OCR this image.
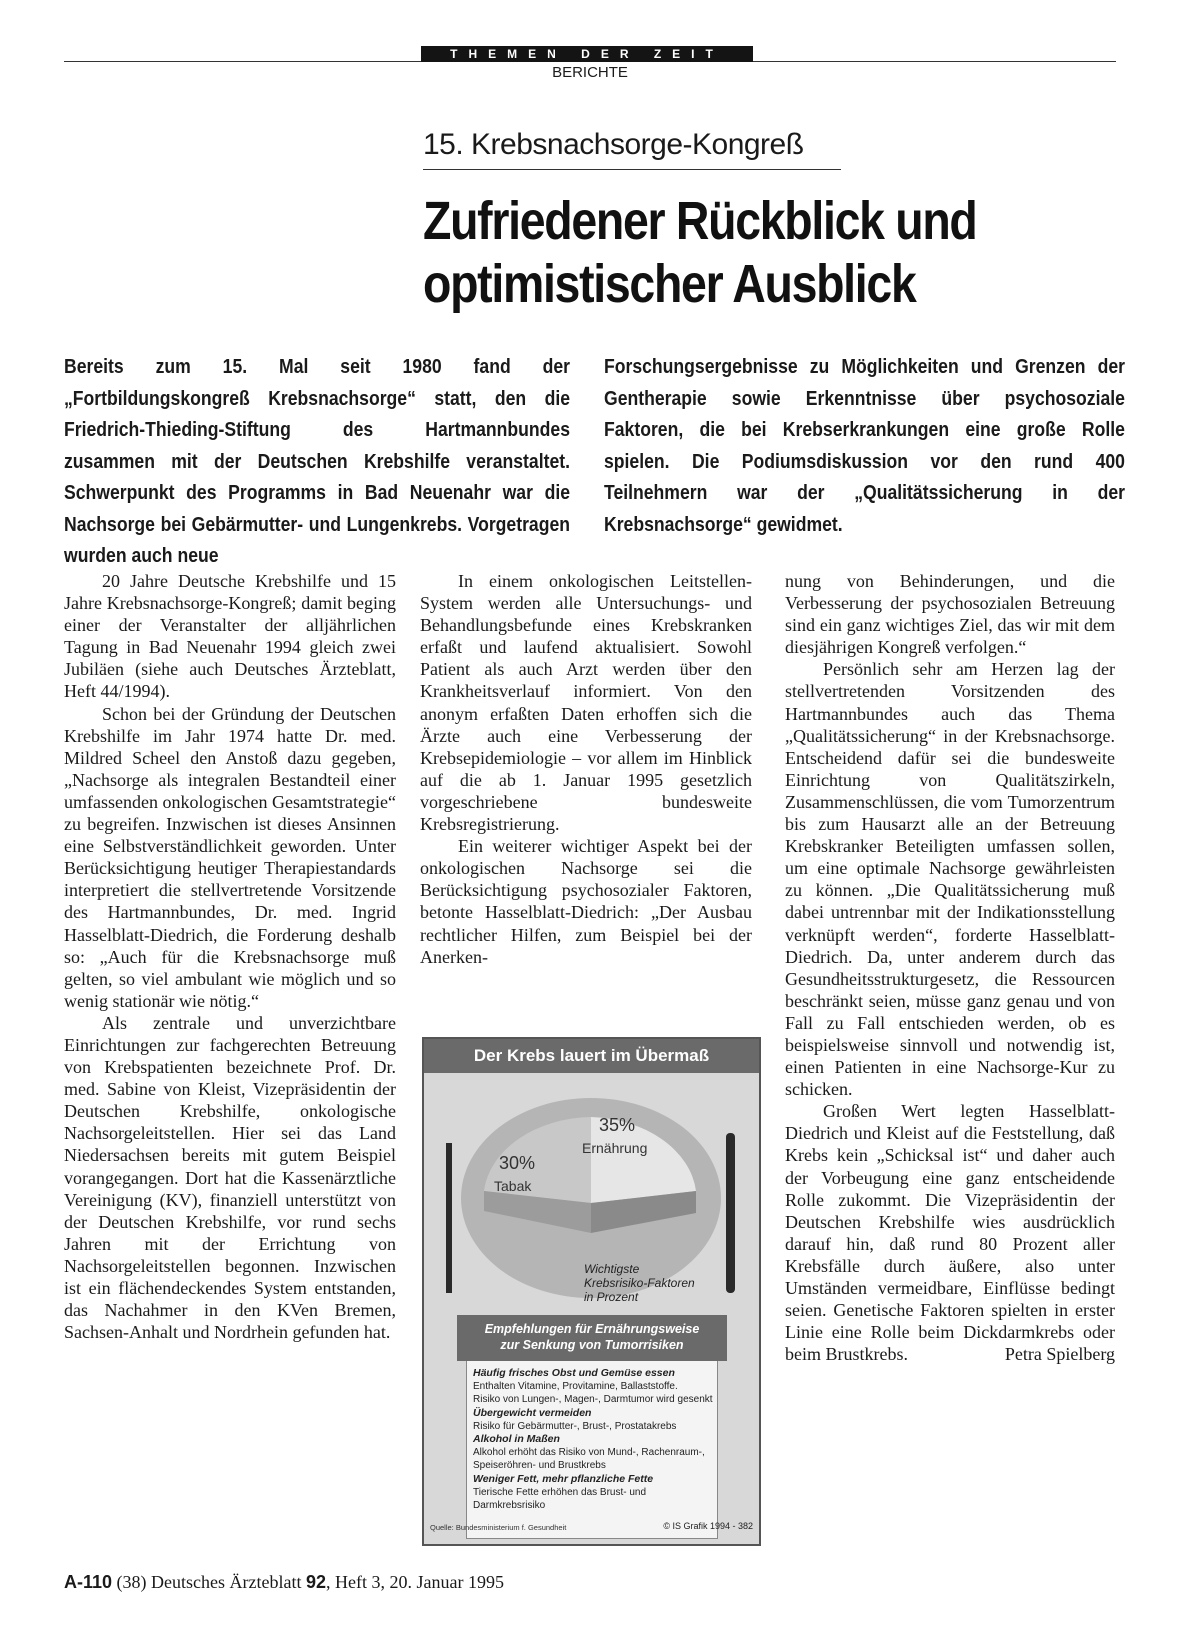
THEMEN DER ZEIT
BERICHTE
15. Krebsnachsorge-Kongreß
Zufriedener Rückblick und
optimistischer Ausblick
Bereits zum 15. Mal seit 1980 fand der „Fortbildungskongreß Krebsnachsorge“ statt, den die Friedrich-Thieding-Stiftung des Hartmannbundes zusammen mit der Deutschen Krebshilfe veranstaltet. Schwerpunkt des Programms in Bad Neuenahr war die Nachsorge bei Gebärmutter- und Lungenkrebs. Vorgetragen wurden auch neue
Forschungsergebnisse zu Möglichkeiten und Grenzen der Gentherapie sowie Erkenntnisse über psychosoziale Faktoren, die bei Krebserkrankungen eine große Rolle spielen. Die Podiumsdiskussion vor den rund 400 Teilnehmern war der „Qualitätssicherung in der Krebsnachsorge“ gewidmet.

20 Jahre Deutsche Krebshilfe und 15 Jahre Krebsnachsorge-Kongreß; damit beging einer der Veranstalter der alljährlichen Tagung in Bad Neuenahr 1994 gleich zwei Jubiläen (siehe auch Deutsches Ärzteblatt, Heft 44/1994).

Schon bei der Gründung der Deutschen Krebshilfe im Jahr 1974 hatte Dr. med. Mildred Scheel den Anstoß dazu gegeben, „Nachsorge als integralen Bestandteil einer umfassenden onkologischen Gesamtstrategie“ zu begreifen. Inzwischen ist dieses Ansinnen eine Selbstverständlichkeit geworden. Unter Berücksichtigung heutiger Therapiestandards interpretiert die stellvertretende Vorsitzende des Hartmannbundes, Dr. med. Ingrid Hasselblatt-Diedrich, die Forderung deshalb so: „Auch für die Krebsnachsorge muß gelten, so viel ambulant wie möglich und so wenig stationär wie nötig.“

Als zentrale und unverzichtbare Einrichtungen zur fachgerechten Betreuung von Krebspatienten bezeichnete Prof. Dr. med. Sabine von Kleist, Vizepräsidentin der Deutschen Krebshilfe, onkologische Nachsorgeleitstellen. Hier sei das Land Niedersachsen bereits mit gutem Beispiel vorangegangen. Dort hat die Kassenärztliche Vereinigung (KV), finanziell unterstützt von der Deutschen Krebshilfe, vor rund sechs Jahren mit der Errichtung von Nachsorgeleitstellen begonnen. Inzwischen ist ein flächendeckendes System entstanden, das Nachahmer in den KVen Bremen, Sachsen-Anhalt und Nordrhein gefunden hat.

In einem onkologischen Leitstellen-System werden alle Untersuchungs- und Behandlungsbefunde eines Krebskranken erfaßt und laufend aktualisiert. Sowohl Patient als auch Arzt werden über den Krankheitsverlauf informiert. Von den anonym erfaßten Daten erhoffen sich die Ärzte auch eine Verbesserung der Krebsepidemiologie – vor allem im Hinblick auf die ab 1. Januar 1995 gesetzlich vorgeschriebene bundesweite Krebsregistrierung.

Ein weiterer wichtiger Aspekt bei der onkologischen Nachsorge sei die Berücksichtigung psychosozialer Faktoren, betonte Hasselblatt-Diedrich: „Der Ausbau rechtlicher Hilfen, zum Beispiel bei der Anerken-

nung von Behinderungen, und die Verbesserung der psychosozialen Betreuung sind ein ganz wichtiges Ziel, das wir mit dem diesjährigen Kongreß verfolgen.“

Persönlich sehr am Herzen lag der stellvertretenden Vorsitzenden des Hartmannbundes auch das Thema „Qualitätssicherung“ in der Krebsnachsorge. Entscheidend dafür sei die bundesweite Einrichtung von Qualitätszirkeln, Zusammenschlüssen, die vom Tumorzentrum bis zum Hausarzt alle an der Betreuung Krebskranker Beteiligten umfassen sollen, um eine optimale Nachsorge gewährleisten zu können. „Die Qualitätssicherung muß dabei untrennbar mit der Indikationsstellung verknüpft werden“, forderte Hasselblatt-Diedrich. Da, unter anderem durch das Gesundheitsstrukturgesetz, die Ressourcen beschränkt seien, müsse ganz genau und von Fall zu Fall entschieden werden, ob es beispielsweise sinnvoll und notwendig ist, einen Patienten in eine Nachsorge-Kur zu schicken.

Großen Wert legten Hasselblatt-Diedrich und Kleist auf die Feststellung, daß Krebs kein „Schicksal ist“ und daher auch der Vorbeugung eine ganz entscheidende Rolle zukommt. Die Vizepräsidentin der Deutschen Krebshilfe wies ausdrücklich darauf hin, daß rund 80 Prozent aller Krebsfälle durch äußere, also unter Umständen vermeidbare, Einflüsse bedingt seien. Genetische Faktoren spielten in erster Linie eine Rolle beim Dickdarmkrebs oder beim Brustkrebs.	Petra Spielberg
Der Krebs lauert im Übermaß
30%
Tabak
35%
Ernährung
Wichtigste
Krebsrisiko-Faktoren
in Prozent
Empfehlungen für Ernährungsweise
zur Senkung von Tumorrisiken
Häufig frisches Obst und Gemüse essen
Enthalten Vitamine, Provitamine, Ballaststoffe.
Risiko von Lungen-, Magen-, Darmtumor wird gesenkt
Übergewicht vermeiden
Risiko für Gebärmutter-, Brust-, Prostatakrebs
Alkohol in Maßen
Alkohol erhöht das Risiko von Mund-, Rachenraum-,
Speiseröhren- und Brustkrebs
Weniger Fett, mehr pflanzliche Fette
Tierische Fette erhöhen das Brust- und Darmkrebsrisiko
Quelle: Bundesministerium f. Gesundheit	© IS Grafik 1994 - 382
A-110 (38) Deutsches Ärzteblatt 92, Heft 3, 20. Januar 1995
